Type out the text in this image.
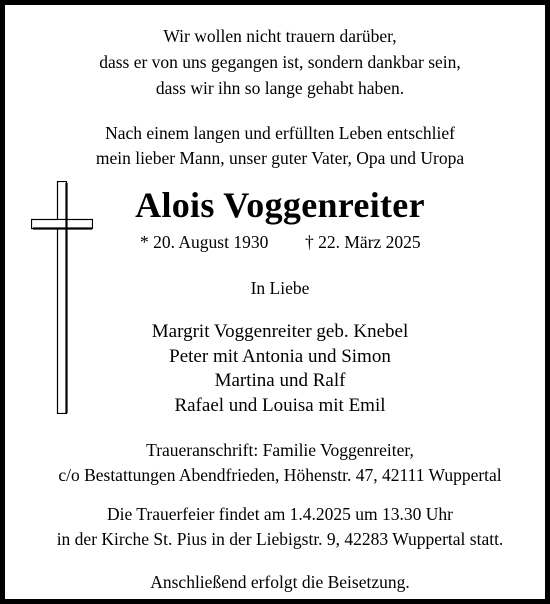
Wir wollen nicht trauern darüber,
dass er von uns gegangen ist, sondern dankbar sein,
dass wir ihn so lange gehabt haben.
Nach einem langen und erfüllten Leben entschlief
mein lieber Mann, unser guter Vater, Opa und Uropa
Alois Voggenreiter
* 20. August 1930 † 22. März 2025
In Liebe
Margrit Voggenreiter geb. Knebel
Peter mit Antonia und Simon
Martina und Ralf
Rafael und Louisa mit Emil
Traueranschrift: Familie Voggenreiter,
c/o Bestattungen Abendfrieden, Höhenstr. 47, 42111 Wuppertal
Die Trauerfeier findet am 1.4.2025 um 13.30 Uhr
in der Kirche St. Pius in der Liebigstr. 9, 42283 Wuppertal statt.
Anschließend erfolgt die Beisetzung.
